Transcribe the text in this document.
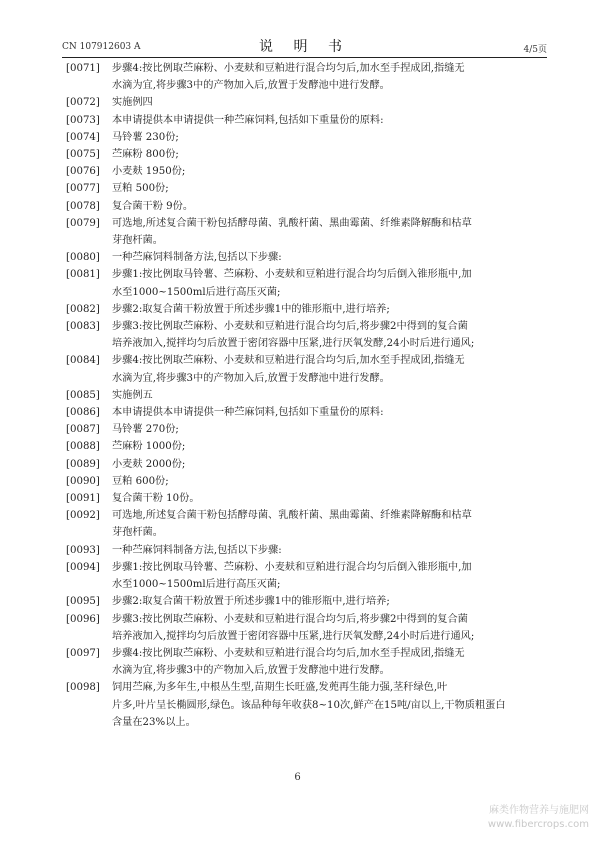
CN 107912603 A	说 明 书	4/5页
[0071] 步骤4:按比例取苎麻粉、小麦麸和豆粕进行混合均匀后,加水至手捏成团,指缝无
水滴为宜,将步骤3中的产物加入后,放置于发酵池中进行发酵。
[0072] 实施例四
[0073] 本申请提供本申请提供一种苎麻饲料,包括如下重量份的原料:
[0074] 马铃薯 230份;
[0075] 苎麻粉 800份;
[0076] 小麦麸 1950份;
[0077] 豆粕 500份;
[0078] 复合菌干粉 9份。
[0079] 可选地,所述复合菌干粉包括酵母菌、乳酸杆菌、黑曲霉菌、纤维素降解酶和枯草
芽孢杆菌。
[0080] 一种苎麻饲料制备方法,包括以下步骤:
[0081] 步骤1:按比例取马铃薯、苎麻粉、小麦麸和豆粕进行混合均匀后倒入锥形瓶中,加
水至1000~1500ml后进行高压灭菌;
[0082] 步骤2:取复合菌干粉放置于所述步骤1中的锥形瓶中,进行培养;
[0083] 步骤3:按比例取苎麻粉、小麦麸和豆粕进行混合均匀后,将步骤2中得到的复合菌
培养液加入,搅拌均匀后放置于密闭容器中压紧,进行厌氧发酵,24小时后进行通风;
[0084] 步骤4:按比例取苎麻粉、小麦麸和豆粕进行混合均匀后,加水至手捏成团,指缝无
水滴为宜,将步骤3中的产物加入后,放置于发酵池中进行发酵。
[0085] 实施例五
[0086] 本申请提供本申请提供一种苎麻饲料,包括如下重量份的原料:
[0087] 马铃薯 270份;
[0088] 苎麻粉 1000份;
[0089] 小麦麸 2000份;
[0090] 豆粕 600份;
[0091] 复合菌干粉 10份。
[0092] 可选地,所述复合菌干粉包括酵母菌、乳酸杆菌、黑曲霉菌、纤维素降解酶和枯草
芽孢杆菌。
[0093] 一种苎麻饲料制备方法,包括以下步骤:
[0094] 步骤1:按比例取马铃薯、苎麻粉、小麦麸和豆粕进行混合均匀后倒入锥形瓶中,加
水至1000~1500ml后进行高压灭菌;
[0095] 步骤2:取复合菌干粉放置于所述步骤1中的锥形瓶中,进行培养;
[0096] 步骤3:按比例取苎麻粉、小麦麸和豆粕进行混合均匀后,将步骤2中得到的复合菌
培养液加入,搅拌均匀后放置于密闭容器中压紧,进行厌氧发酵,24小时后进行通风;
[0097] 步骤4:按比例取苎麻粉、小麦麸和豆粕进行混合均匀后,加水至手捏成团,指缝无
水滴为宜,将步骤3中的产物加入后,放置于发酵池中进行发酵。
[0098] 饲用苎麻,为多年生,中根丛生型,苗期生长旺盛,发蔸再生能力强,茎秆绿色,叶
片多,叶片呈长椭圆形,绿色。该品种每年收获8~10次,鲜产在15吨/亩以上,干物质粗蛋白
含量在23%以上。
6
麻类作物营养与施肥网
www.fibercrops.com
